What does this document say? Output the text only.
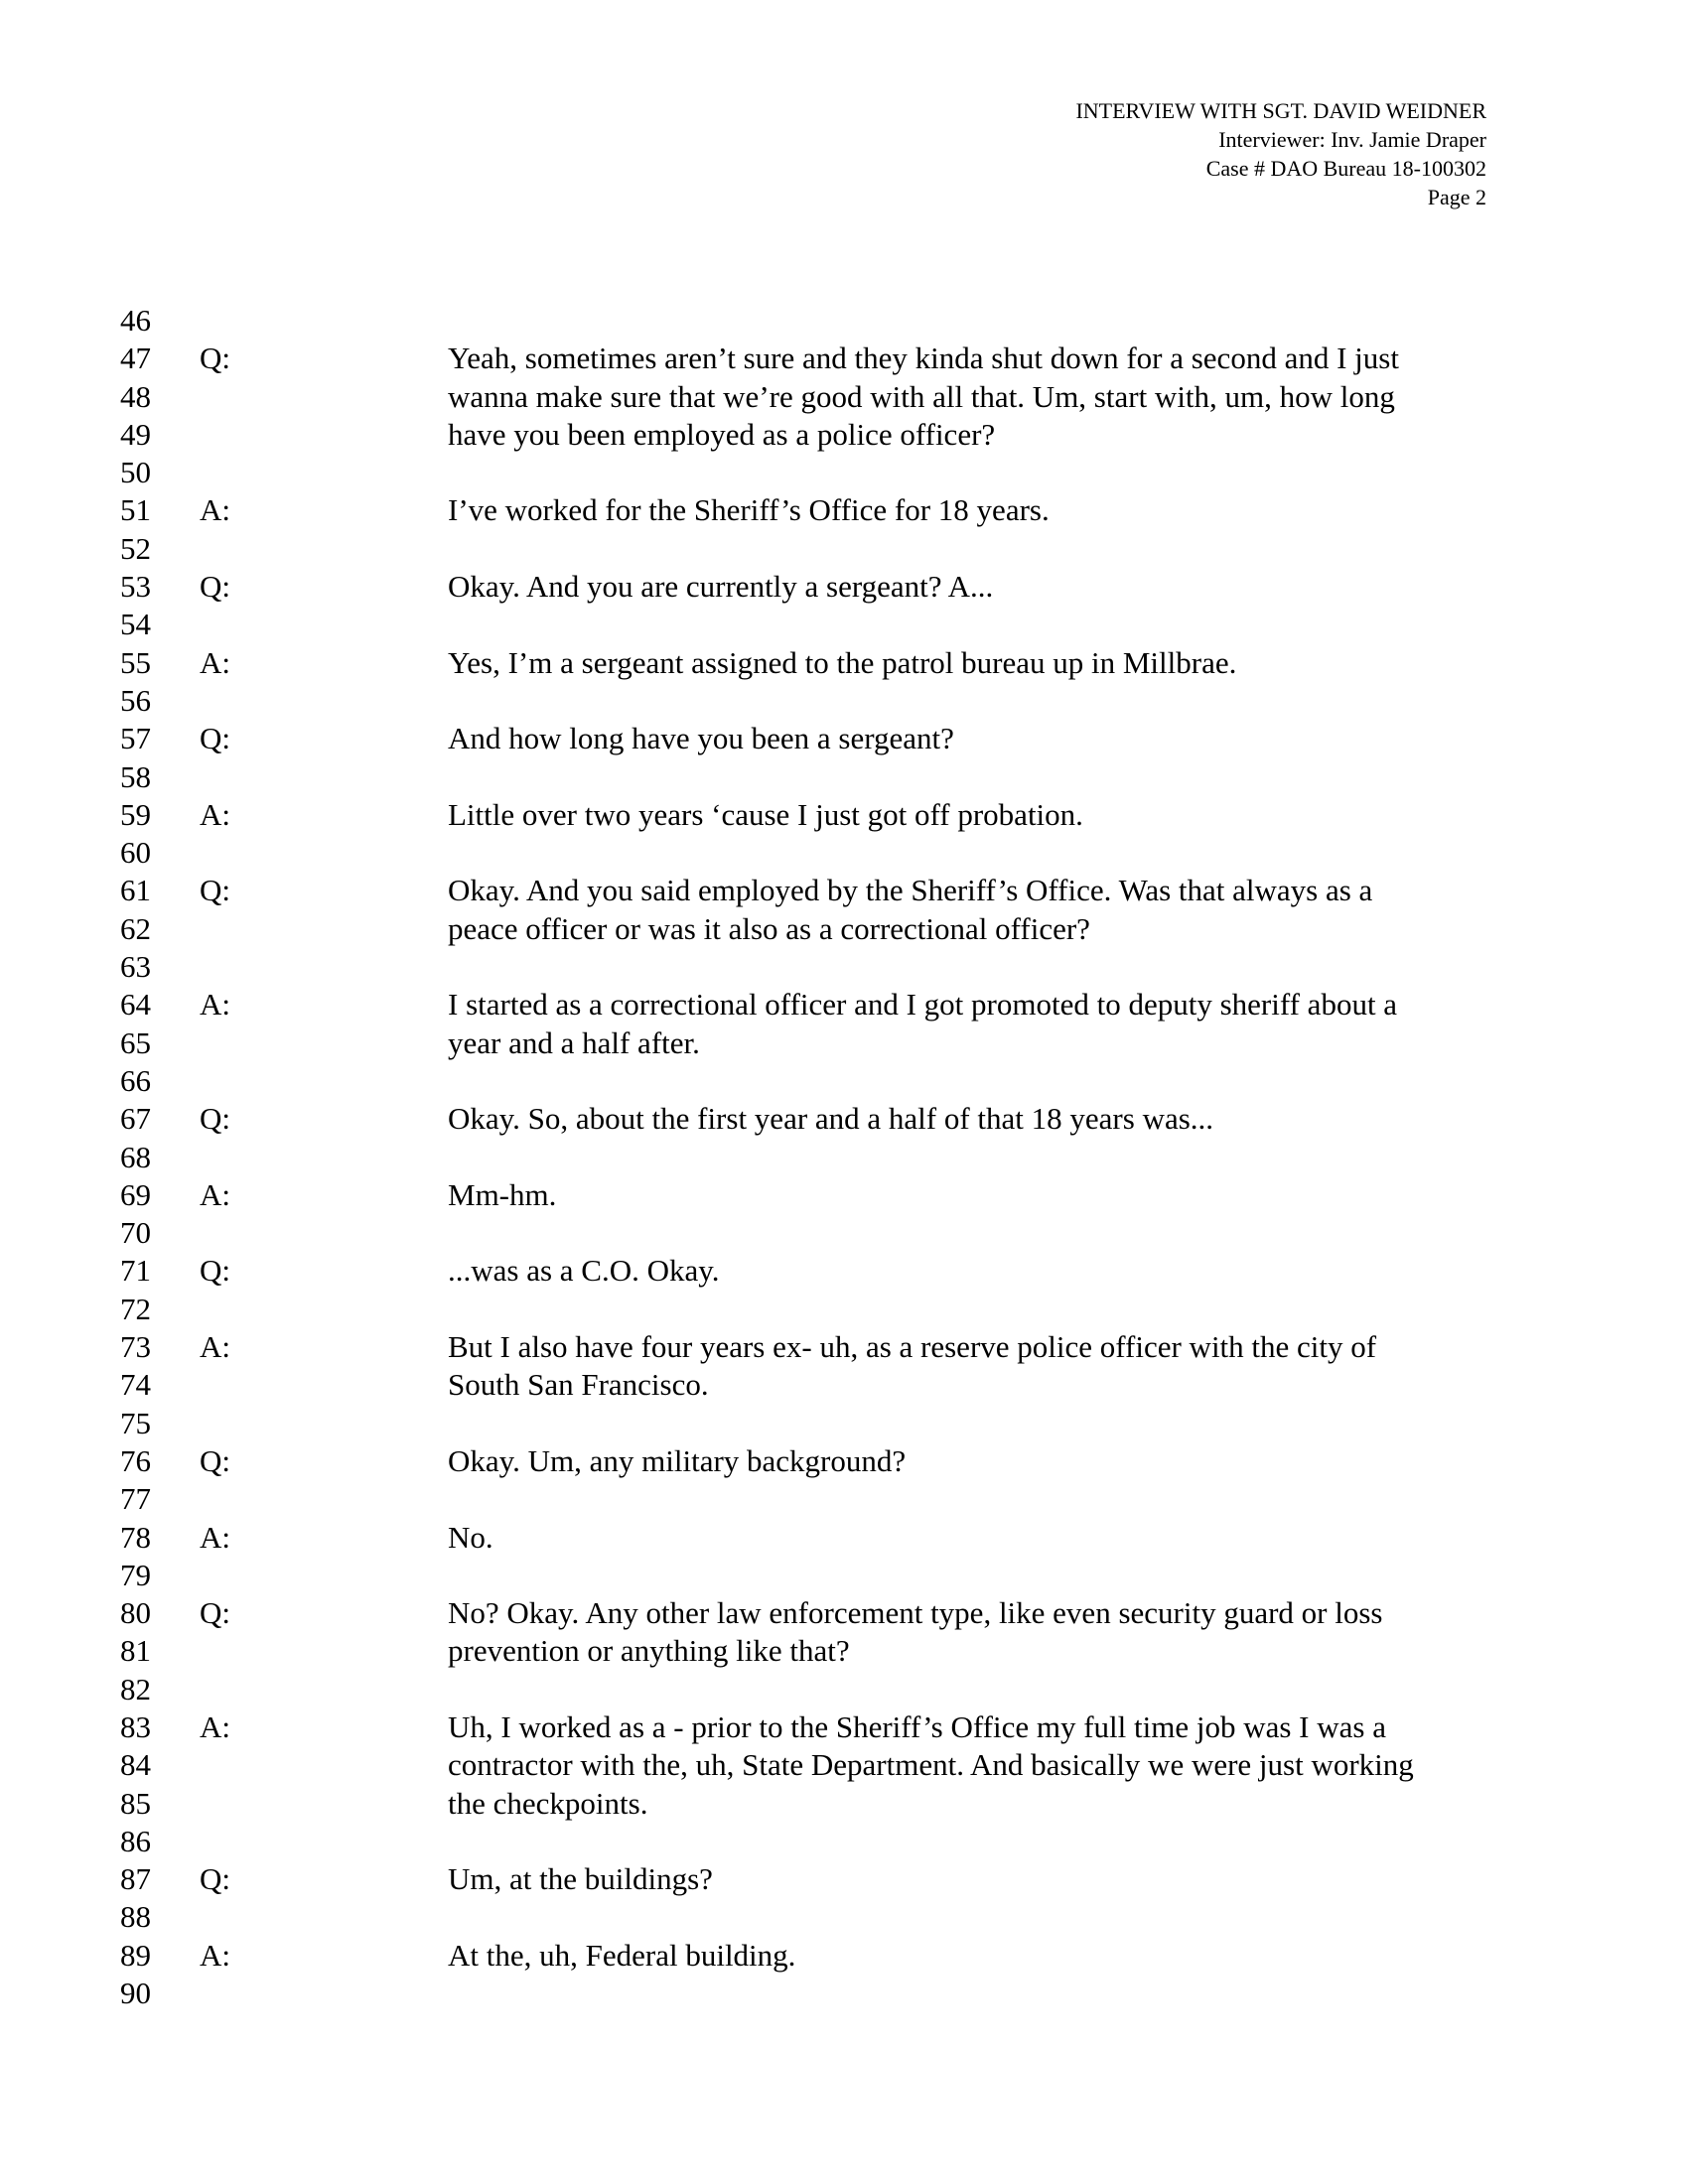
INTERVIEW WITH SGT. DAVID WEIDNER
Interviewer: Inv. Jamie Draper
Case # DAO Bureau 18-100302
Page 2
46
47 Q:	Yeah, sometimes aren’t sure and they kinda shut down for a second and I just
48	wanna make sure that we’re good with all that. Um, start with, um, how long
49	have you been employed as a police officer?
50
51 A:	I’ve worked for the Sheriff’s Office for 18 years.
52
53 Q:	Okay. And you are currently a sergeant? A...
54
55 A:	Yes, I’m a sergeant assigned to the patrol bureau up in Millbrae.
56
57 Q:	And how long have you been a sergeant?
58
59 A:	Little over two years ‘cause I just got off probation.
60
61 Q:	Okay. And you said employed by the Sheriff’s Office. Was that always as a
62	peace officer or was it also as a correctional officer?
63
64 A:	I started as a correctional officer and I got promoted to deputy sheriff about a
65	year and a half after.
66
67 Q:	Okay. So, about the first year and a half of that 18 years was...
68
69 A:	Mm-hm.
70
71 Q:	...was as a C.O. Okay.
72
73 A:	But I also have four years ex- uh, as a reserve police officer with the city of
74	South San Francisco.
75
76 Q:	Okay. Um, any military background?
77
78 A:	No.
79
80 Q:	No? Okay. Any other law enforcement type, like even security guard or loss
81	prevention or anything like that?
82
83 A:	Uh, I worked as a - prior to the Sheriff’s Office my full time job was I was a
84	contractor with the, uh, State Department. And basically we were just working
85	the checkpoints.
86
87 Q:	Um, at the buildings?
88
89 A:	At the, uh, Federal building.
90
